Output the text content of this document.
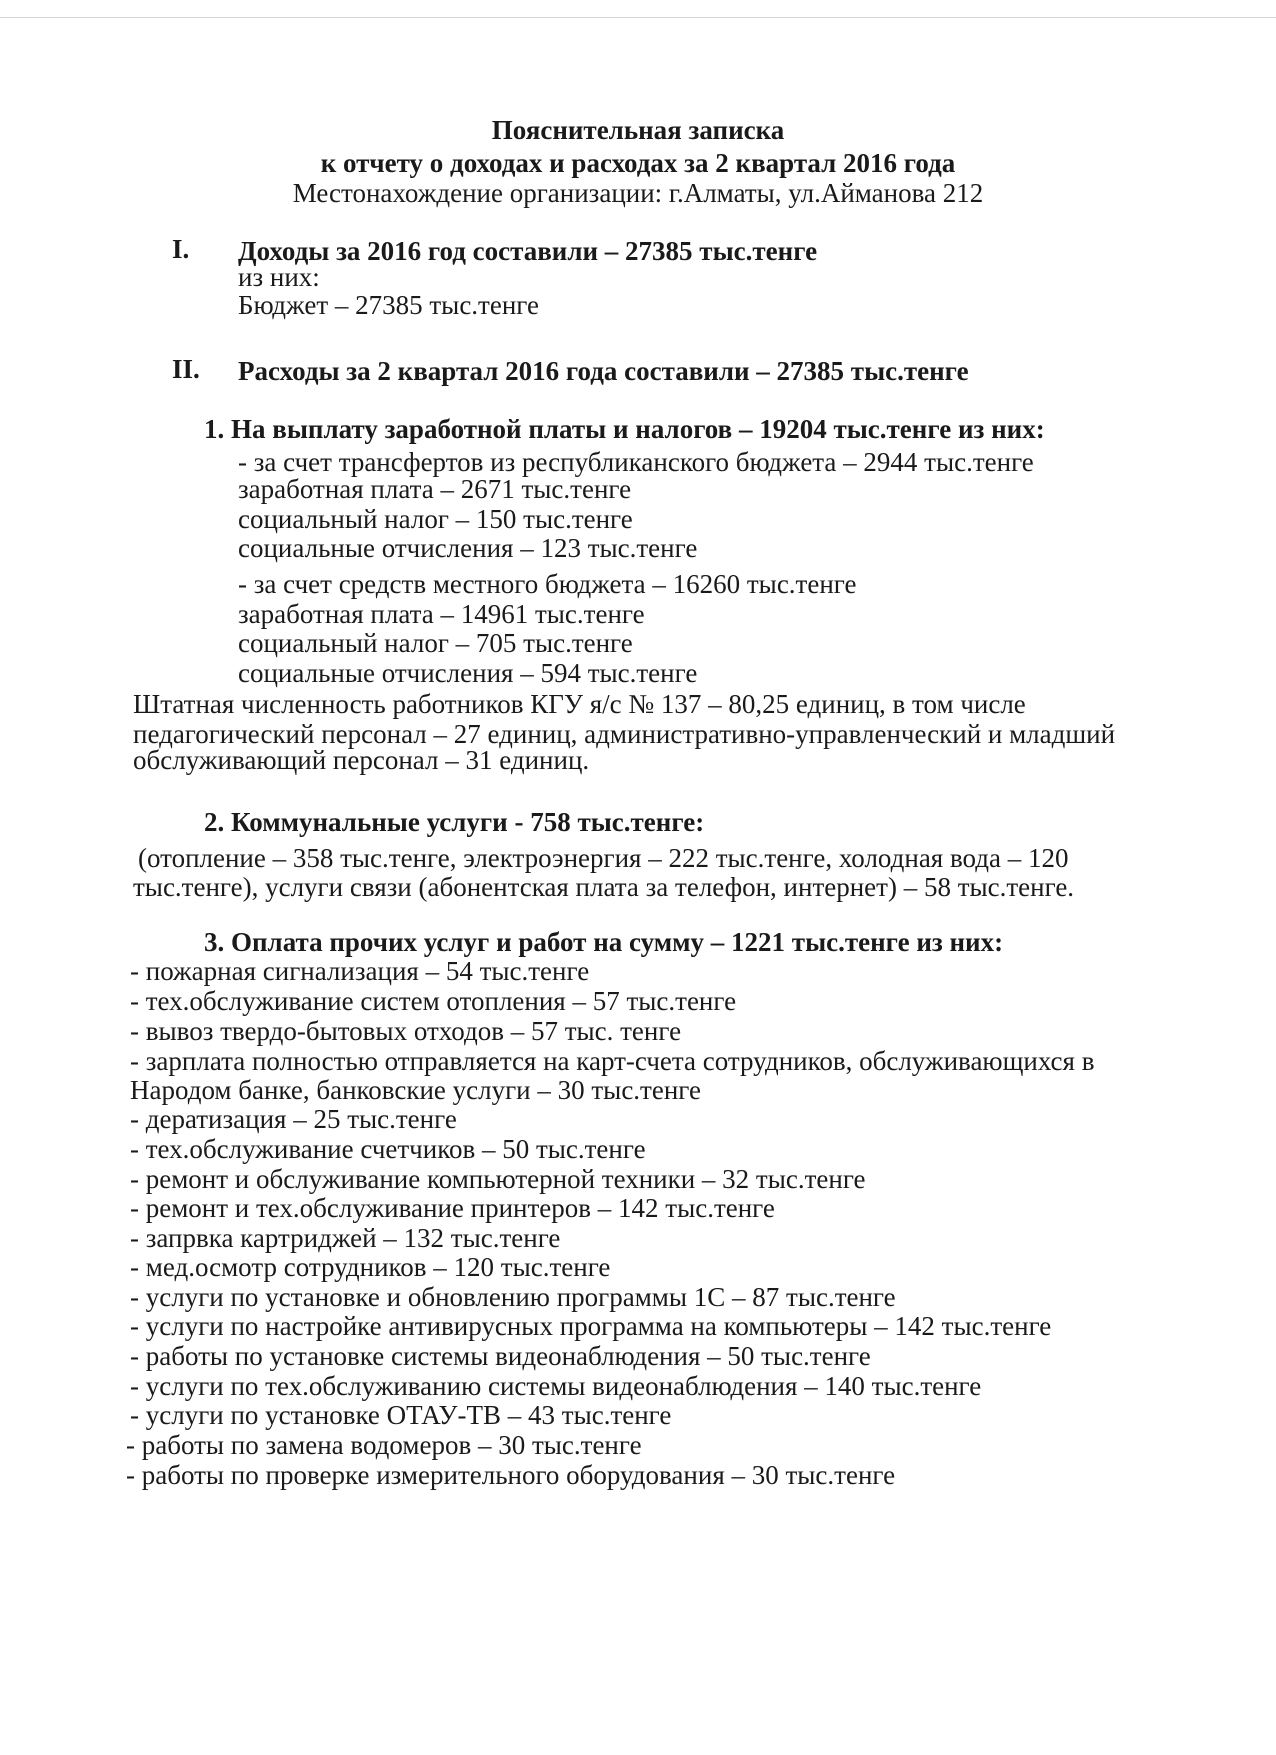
Пояснительная записка
к отчету о доходах и расходах за 2 квартал 2016 года
Местонахождение организации: г.Алматы, ул.Айманова 212
I. Доходы за 2016 год составили – 27385 тыс.тенге
из них:
Бюджет – 27385 тыс.тенге
II. Расходы за 2 квартал 2016 года составили – 27385 тыс.тенге
1. На выплату заработной платы и налогов – 19204 тыс.тенге из них:
- за счет трансфертов из республиканского бюджета – 2944 тыс.тенге
заработная плата – 2671 тыс.тенге
социальный налог – 150 тыс.тенге
социальные отчисления – 123 тыс.тенге
- за счет средств местного бюджета – 16260 тыс.тенге
заработная плата – 14961 тыс.тенге
социальный налог – 705 тыс.тенге
социальные отчисления – 594 тыс.тенге
Штатная численность работников КГУ я/с № 137 – 80,25 единиц, в том числе
педагогический персонал – 27 единиц, административно-управленческий и младший
обслуживающий персонал – 31 единиц.
2. Коммунальные услуги - 758 тыс.тенге:
(отопление – 358 тыс.тенге, электроэнергия – 222 тыс.тенге, холодная вода – 120
тыс.тенге), услуги связи (абонентская плата за телефон, интернет) – 58 тыс.тенге.
3. Оплата прочих услуг и работ на сумму – 1221 тыс.тенге из них:
- пожарная сигнализация – 54 тыс.тенге
- тех.обслуживание систем отопления – 57 тыс.тенге
- вывоз твердо-бытовых отходов – 57 тыс. тенге
- зарплата полностью отправляется на карт-счета сотрудников, обслуживающихся в
Народом банке, банковские услуги – 30 тыс.тенге
- дератизация – 25 тыс.тенге
- тех.обслуживание счетчиков – 50 тыс.тенге
- ремонт и обслуживание компьютерной техники – 32 тыс.тенге
- ремонт и тех.обслуживание принтеров – 142 тыс.тенге
- запрвка картриджей – 132 тыс.тенге
- мед.осмотр сотрудников – 120 тыс.тенге
- услуги по установке и обновлению программы 1С – 87 тыс.тенге
- услуги по настройке антивирусных программа на компьютеры – 142 тыс.тенге
- работы по установке системы видеонаблюдения – 50 тыс.тенге
- услуги по тех.обслуживанию системы видеонаблюдения – 140 тыс.тенге
- услуги по установке ОТАУ-ТВ – 43 тыс.тенге
- работы по замена водомеров – 30 тыс.тенге
- работы по проверке измерительного оборудования – 30 тыс.тенге
